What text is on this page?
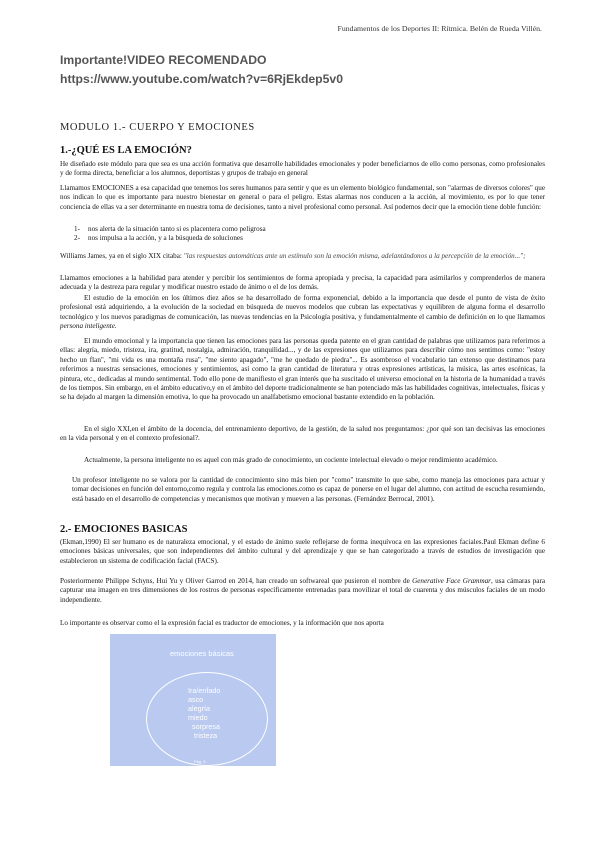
Fundamentos de los Deportes II: Rítmica. Belén de Rueda Villén.
Importante!VIDEO RECOMENDADO
https://www.youtube.com/watch?v=6RjEkdep5v0
MODULO 1.- CUERPO Y EMOCIONES
1.-¿QUÉ ES LA EMOCIÓN?
He diseñado este módulo para que sea es una acción formativa que desarrolle habilidades emocionales y poder beneficiarnos de ello como personas, como profesionales y de forma directa, beneficiar a los alumnos, deportistas y grupos de trabajo en general
Llamamos EMOCIONES a esa capacidad que tenemos los seres humanos para sentir y que es un elemento biológico fundamental, son "alarmas de diversos colores" que nos indican lo que es importante para nuestro bienestar en general o para el peligro. Estas alarmas nos conducen a la acción, al movimiento, es por lo que tener conciencia de ellas va a ser determinante en nuestra toma de decisiones, tanto a nivel profesional como personal. Así podemos decir que la emoción tiene doble función:
1- nos alerta de la situación tanto si es placentera como peligrosa
2- nos impulsa a la acción, y a la búsqueda de soluciones
Williams James, ya en el siglo XIX citaba: "las respuestas automáticas ante un estímulo son la emoción misma, adelantándonos a la percepción de la emoción...";
Llamamos emociones a la habilidad para atender y percibir los sentimientos de forma apropiada y precisa, la capacidad para asimilarlos y comprenderlos de manera adecuada y la destreza para regular y modificar nuestro estado de ánimo o el de los demás.
El estudio de la emoción en los últimos diez años se ha desarrollado de forma exponencial, debido a la importancia que desde el punto de vista de éxito profesional está adquiriendo, a la evolución de la sociedad en búsqueda de nuevos modelos que cubran las expectativas y equilibren de alguna forma el desarrollo tecnológico y los nuevos paradigmas de comunicación, las nuevas tendencias en la Psicología positiva, y fundamentalmente el cambio de definición en lo que llamamos persona inteligente.
El mundo emocional y la importancia que tienen las emociones para las personas queda patente en el gran cantidad de palabras que utilizamos para referirnos a ellas: alegría, miedo, tristeza, ira, gratitud, nostalgia, admiración, tranquilidad..., y de las expresiones que utilizamos para describir cómo nos sentimos como: "estoy hecho un flan", "mi vida es una montaña rusa", "me siento apagado", "me he quedado de piedra"... Es asombroso el vocabulario tan extenso que destinamos para referirnos a nuestras sensaciones, emociones y sentimientos, así como la gran cantidad de literatura y otras expresiones artísticas, la música, las artes escénicas, la pintura, etc., dedicadas al mundo sentimental. Todo ello pone de manifiesto el gran interés que ha suscitado el universo emocional en la historia de la humanidad a través de los tiempos. Sin embargo, en el ámbito educativo,y en el ámbito del deporte tradicionalmente se han potenciado más las habilidades cognitivas, intelectuales, físicas y se ha dejado al margen la dimensión emotiva, lo que ha provocado un analfabetismo emocional bastante extendido en la población.
En el siglo XXI,en el ámbito de la docencia, del entrenamiento deportivo, de la gestión, de la salud nos preguntamos: ¿por qué son tan decisivas las emociones en la vida personal y en el contexto profesional?.
Actualmente, la persona inteligente no es aquel con más grado de conocimiento, un cociente intelectual elevado o mejor rendimiento académico.
Un profesor inteligente no se valora por la cantidad de conocimiento sino más bien por "como" transmite lo que sabe, como maneja las emociones para actuar y tomar decisiones en función del entorno,como regula y controla las emociones.como es capaz de ponerse en el lugar del alumno, con actitud de escucha resumiendo, está basado en el desarrollo de competencias y mecanismos que motivan y mueven a las personas. (Fernández Berrocal, 2001).
2.- EMOCIONES BASICAS
(Ekman,1990) El ser humano es de naturaleza emocional, y el estado de ánimo suele reflejarse de forma inequívoca en las expresiones faciales.Paul Ekman define 6 emociones básicas universales, que son independientes del ámbito cultural y del aprendizaje y que se han categorizado a través de estudios de investigación que establecieron un sistema de codificación facial (FACS).
Posteriormente Philippe Schyns, Hui Yu y Oliver Garrod en 2014, han creado un softwareal que pusieron el nombre de Generative Face Grammar, usa cámaras para capturar una imagen en tres dimensiones de los rostros de personas específicamente entrenadas para movilizar el total de cuarenta y dos músculos faciales de un modo independiente.
Lo importante es observar como el la expresión facial es traductor de emociones, y la información que nos aporta
emociones básicas
Ira/enfado
asco
alegría
miedo
sorpresa
tristeza
Pág. 6
